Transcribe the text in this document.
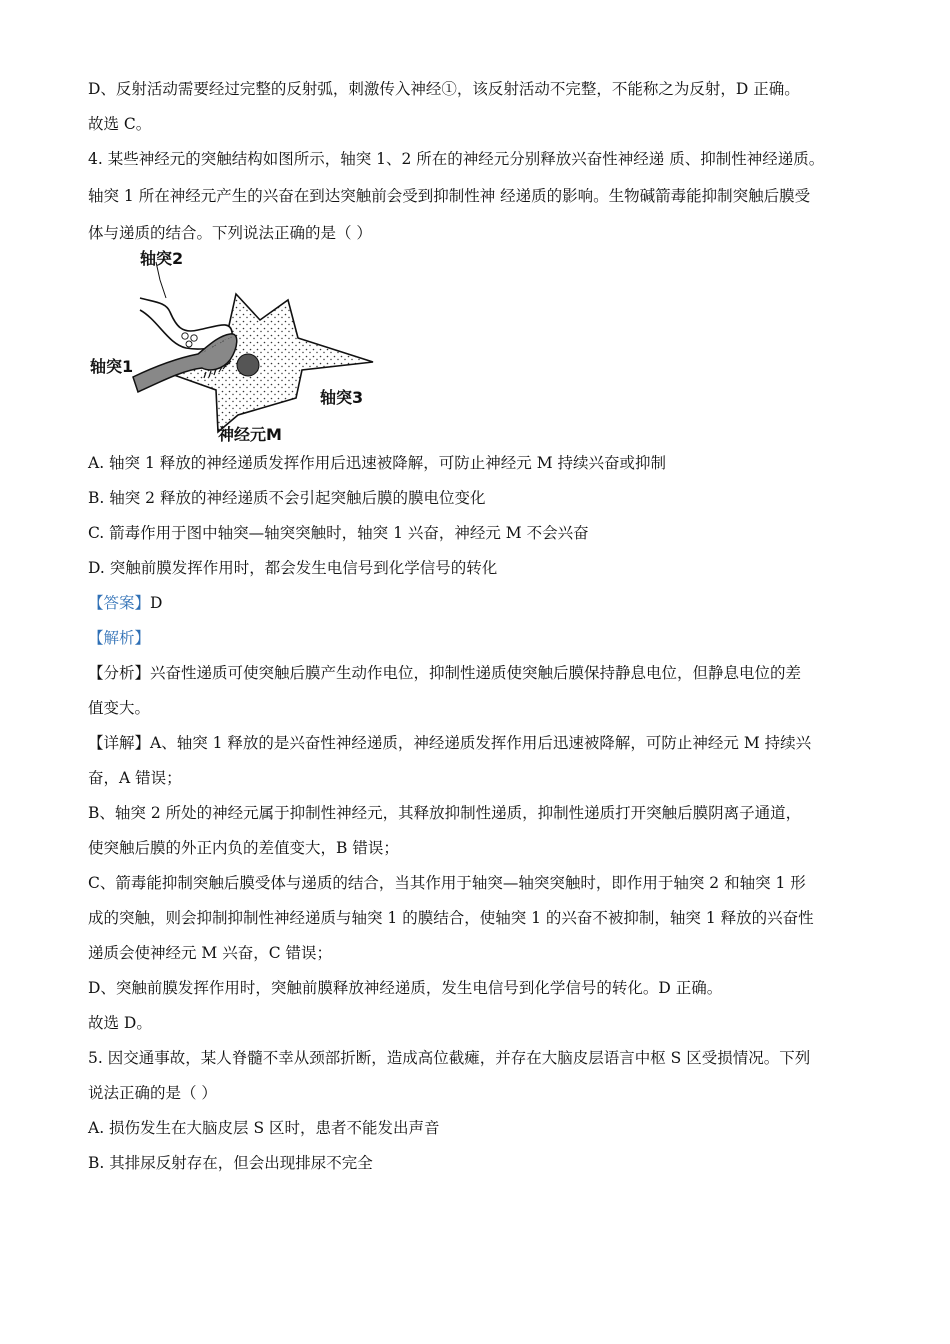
D、反射活动需要经过完整的反射弧，刺激传入神经①，该反射活动不完整，不能称之为反射，D 正确。

故选 C。

4. 某些神经元的突触结构如图所示，轴突 1、2 所在的神经元分别释放兴奋性神经递 质、抑制性神经递质。

轴突 1 所在神经元产生的兴奋在到达突触前会受到抑制性神 经递质的影响。生物碱箭毒能抑制突触后膜受

体与递质的结合。下列说法正确的是（ ）

轴突2
轴突1
轴突3
神经元M

A. 轴突 1 释放的神经递质发挥作用后迅速被降解，可防止神经元 M 持续兴奋或抑制

B. 轴突 2 释放的神经递质不会引起突触后膜的膜电位变化

C. 箭毒作用于图中轴突—轴突突触时，轴突 1 兴奋，神经元 M 不会兴奋

D. 突触前膜发挥作用时，都会发生电信号到化学信号的转化

【答案】D

【解析】

【分析】兴奋性递质可使突触后膜产生动作电位，抑制性递质使突触后膜保持静息电位，但静息电位的差

值变大。

【详解】A、轴突 1 释放的是兴奋性神经递质，神经递质发挥作用后迅速被降解，可防止神经元 M 持续兴

奋，A 错误；

B、轴突 2 所处的神经元属于抑制性神经元，其释放抑制性递质，抑制性递质打开突触后膜阴离子通道，

使突触后膜的外正内负的差值变大，B 错误；

C、箭毒能抑制突触后膜受体与递质的结合，当其作用于轴突—轴突突触时，即作用于轴突 2 和轴突 1 形

成的突触，则会抑制抑制性神经递质与轴突 1 的膜结合，使轴突 1 的兴奋不被抑制，轴突 1 释放的兴奋性

递质会使神经元 M 兴奋，C 错误；

D、突触前膜发挥作用时，突触前膜释放神经递质，发生电信号到化学信号的转化。D 正确。

故选 D。

5. 因交通事故，某人脊髓不幸从颈部折断，造成高位截瘫，并存在大脑皮层语言中枢 S 区受损情况。下列

说法正确的是（ ）

A. 损伤发生在大脑皮层 S 区时，患者不能发出声音

B. 其排尿反射存在，但会出现排尿不完全
